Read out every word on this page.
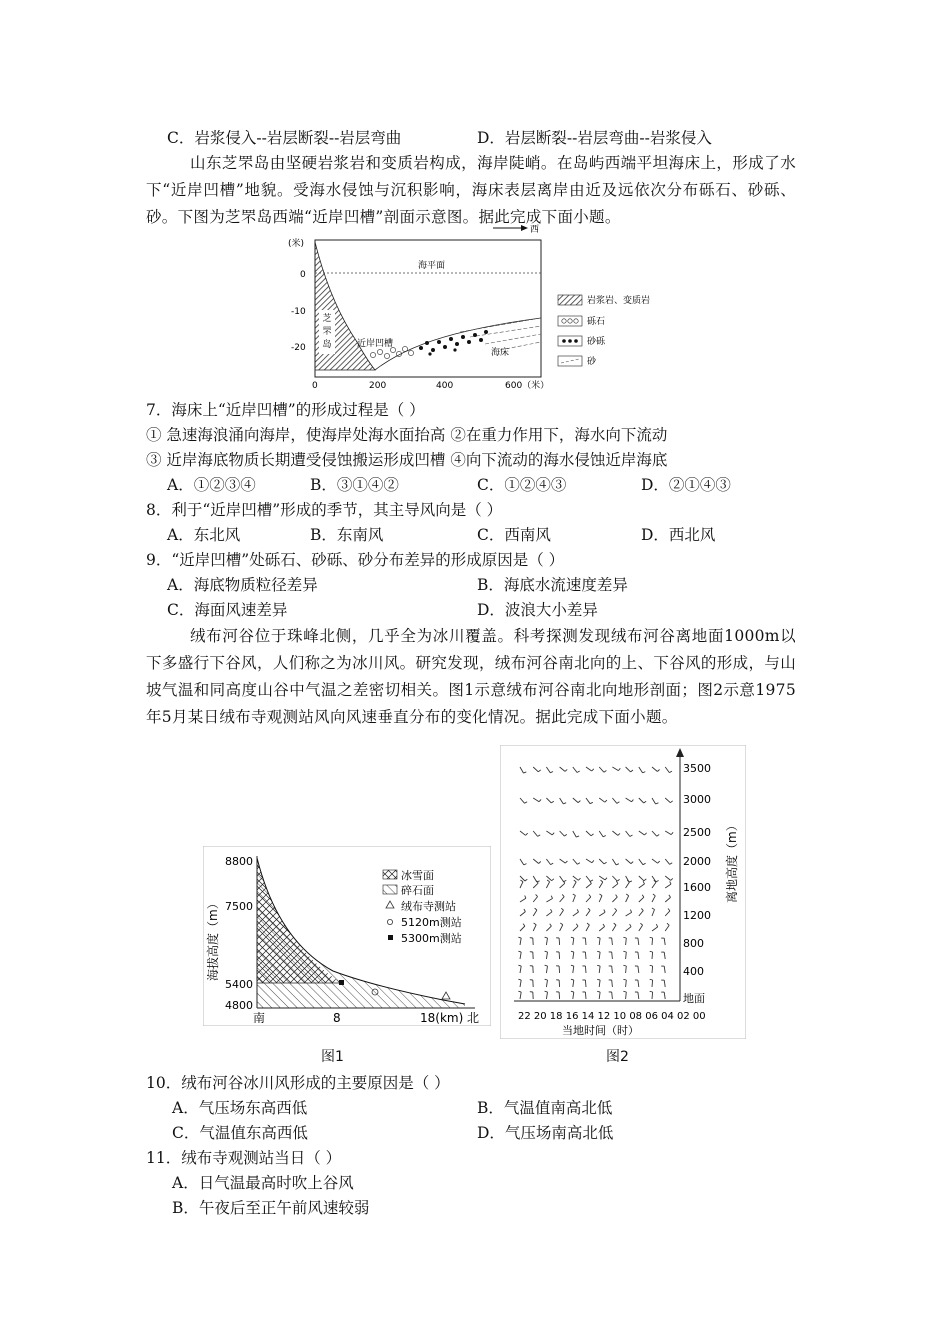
C．岩浆侵入--岩层断裂--岩层弯曲	D．岩层断裂--岩层弯曲--岩浆侵入
山东芝罘岛由坚硬岩浆岩和变质岩构成，海岸陡峭。在岛屿西端平坦海床上，形成了水下“近岸凹槽”地貌。受海水侵蚀与沉积影响，海床表层离岸由近及远依次分布砾石、砂砾、砂。下图为芝罘岛西端“近岸凹槽”剖面示意图。据此完成下面小题。
(米)
西
海平面
0
-10
-20
芝
罘
岛	近岸凹槽
海床
0	200	400	600（米）
岩浆岩、变质岩
砾石
砂砾
砂
7．海床上“近岸凹槽”的形成过程是（ ）
① 急速海浪涌向海岸，使海岸处海水面抬高 ②在重力作用下，海水向下流动
③ 近岸海底物质长期遭受侵蚀搬运形成凹槽 ④向下流动的海水侵蚀近岸海底
A．①②③④	B．③①④②	C．①②④③	D．②①④③
8．利于“近岸凹槽”形成的季节，其主导风向是（ ）
A．东北风	B．东南风	C．西南风	D．西北风
9．“近岸凹槽”处砾石、砂砾、砂分布差异的形成原因是（ ）
A．海底物质粒径差异	B．海底水流速度差异
C．海面风速差异	D．波浪大小差异
绒布河谷位于珠峰北侧，几乎全为冰川覆盖。科考探测发现绒布河谷离地面1000m以下多盛行下谷风，人们称之为冰川风。研究发现，绒布河谷南北向的上、下谷风的形成，与山坡气温和同高度山谷中气温之差密切相关。图1示意绒布河谷南北向地形剖面；图2示意1975年5月某日绒布寺观测站风向风速垂直分布的变化情况。据此完成下面小题。
海拔高度（m）
8800
7500
5400
4800
南	8	18(km) 北
冰雪面
碎石面
绒布寺测站
5120m测站
5300m测站
图1
3500
3000
2500
2000
1600
1200
800
400
地面
离地高度（m）
22 20 18 16 14 12 10 08 06 04 02 00
当地时间（时）
图2
10．绒布河谷冰川风形成的主要原因是（ ）
A．气压场东高西低	B．气温值南高北低
C．气温值东高西低	D．气压场南高北低
11．绒布寺观测站当日（ ）
A．日气温最高时吹上谷风
B．午夜后至正午前风速较弱
